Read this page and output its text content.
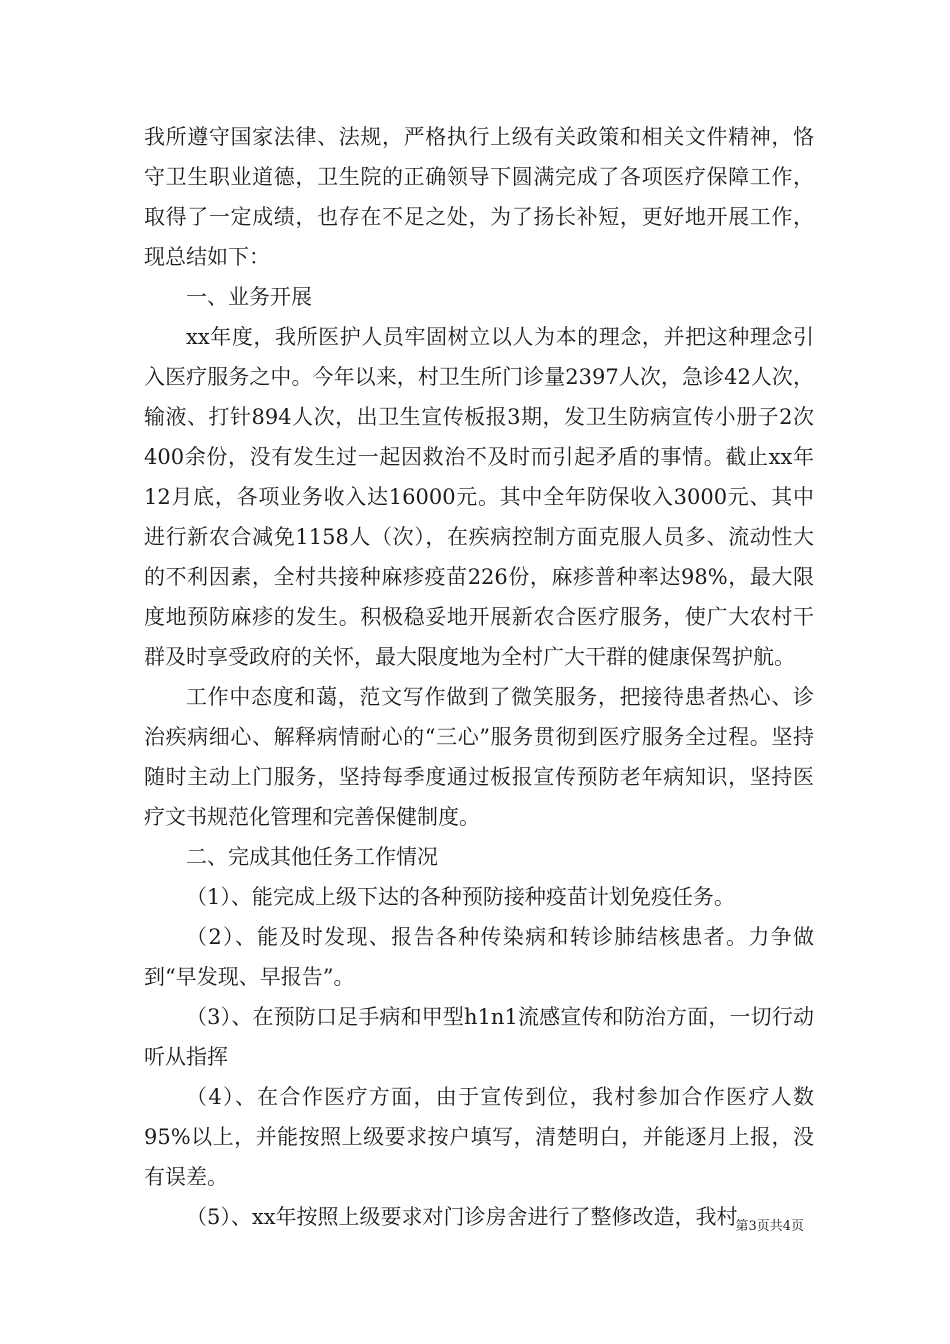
我所遵守国家法律、法规，严格执行上级有关政策和相关文件精神，恪守卫生职业道德，卫生院的正确领导下圆满完成了各项医疗保障工作，取得了一定成绩，也存在不足之处，为了扬长补短，更好地开展工作，现总结如下：

一、业务开展

xx年度，我所医护人员牢固树立以人为本的理念，并把这种理念引入医疗服务之中。今年以来，村卫生所门诊量2397人次，急诊42人次，输液、打针894人次，出卫生宣传板报3期，发卫生防病宣传小册子2次400余份，没有发生过一起因救治不及时而引起矛盾的事情。截止xx年12月底，各项业务收入达16000元。其中全年防保收入3000元、其中进行新农合减免1158人（次），在疾病控制方面克服人员多、流动性大的不利因素，全村共接种麻疹疫苗226份，麻疹普种率达98%，最大限度地预防麻疹的发生。积极稳妥地开展新农合医疗服务，使广大农村干群及时享受政府的关怀，最大限度地为全村广大干群的健康保驾护航。

工作中态度和蔼，范文写作做到了微笑服务，把接待患者热心、诊治疾病细心、解释病情耐心的“三心”服务贯彻到医疗服务全过程。坚持随时主动上门服务，坚持每季度通过板报宣传预防老年病知识，坚持医疗文书规范化管理和完善保健制度。

二、完成其他任务工作情况

（1）、能完成上级下达的各种预防接种疫苗计划免疫任务。

（2）、能及时发现、报告各种传染病和转诊肺结核患者。力争做到“早发现、早报告”。

（3）、在预防口足手病和甲型h1n1流感宣传和防治方面，一切行动听从指挥

（4）、在合作医疗方面，由于宣传到位，我村参加合作医疗人数95%以上，并能按照上级要求按户填写，清楚明白，并能逐月上报，没有误差。

（5）、xx年按照上级要求对门诊房舍进行了整修改造，我村

第3页共4页
